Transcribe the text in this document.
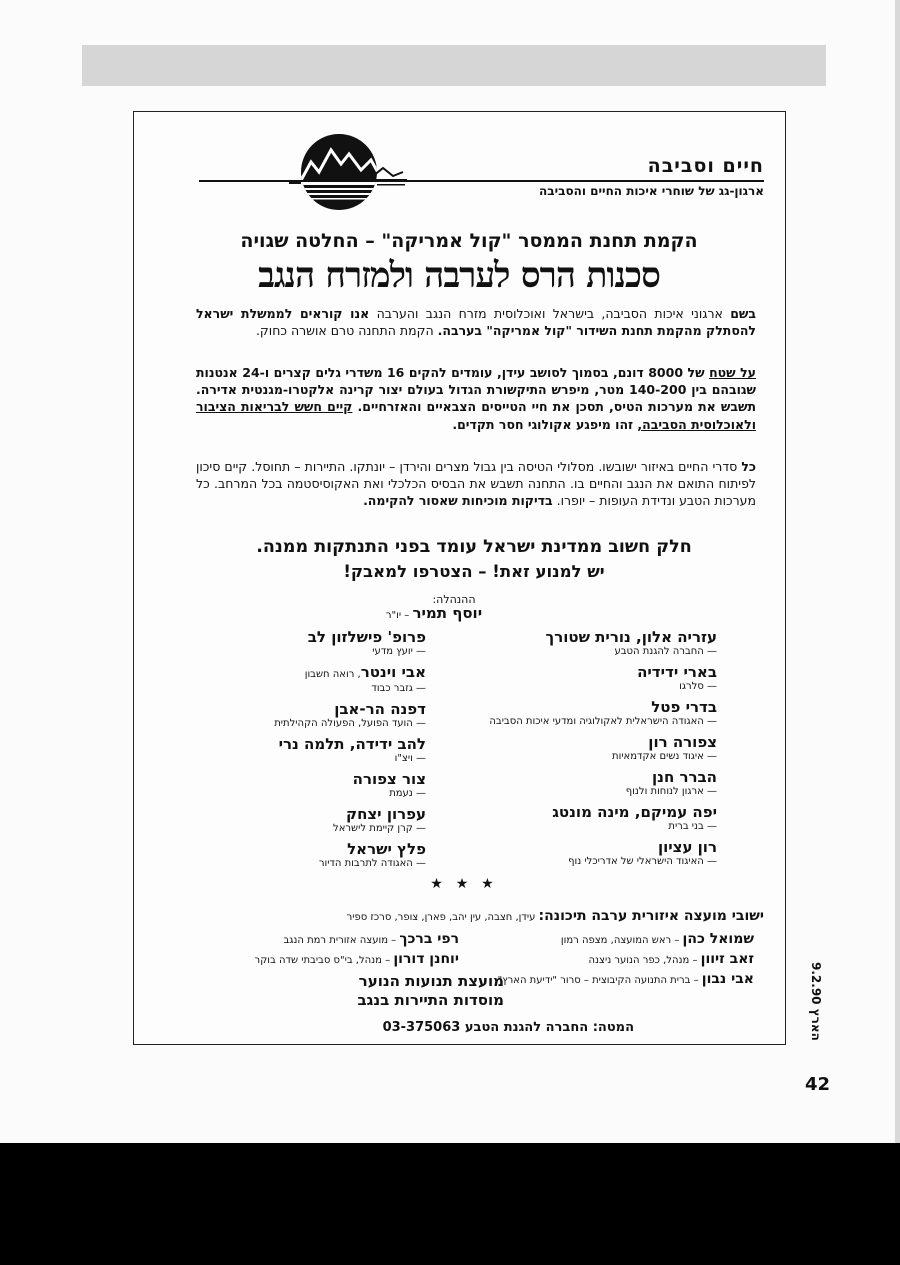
חיים וסביבה
ארגון-גג של שוחרי איכות החיים והסביבה
הקמת תחנת הממסר "קול אמריקה" – החלטה שגויה
סכנות הרס לערבה ולמזרח הנגב
בשם ארגוני איכות הסביבה, בישראל ואוכלוסית מזרח הנגב והערבה אנו קוראים לממשלת ישראל להסתלק מהקמת תחנת השידור "קול אמריקה" בערבה. הקמת התחנה טרם אושרה כחוק.
על שטח של 8000 דונם, בסמוך לסושב עידן, עומדים להקים 16 משדרי גלים קצרים ו-24 אנטנות שגובהם בין 140-200 מטר, מיפרש התיקשורת הגדול בעולם יצור קרינה אלקטרו-מגנטית אדירה. תשבש את מערכות הטיס, תסכן את חיי הטייסים הצבאיים והאזרחיים. קיים חשש לבריאות הציבור ולאוכלוסית הסביבה, זהו מיפגע אקולוגי חסר תקדים.
כל סדרי החיים באיזור ישובשו. מסלולי הטיסה בין גבול מצרים והירדן – יונתקו. התיירות – תחוסל. קיים סיכון לפיתוח התואם את הנגב והחיים בו. התחנה תשבש את הבסיס הכלכלי ואת האקוסיסטמה בכל המרחב. כל מערכות הטבע ונדידת העופות – יופרו. בדיקות מוכיחות שאסור להקימה.
חלק חשוב ממדינת ישראל עומד בפני התנתקות ממנה.
יש למנוע זאת! – הצטרפו למאבק!
ההנהלה:
יוסף תמיר – יו"ר
עזריה אלון, נורית שטורך
— החברה להגנת הטבע
בארי ידידיה
— סלרגו
בדרי פטל
— האגודה הישראלית לאקולוגיה ומדעי איכות הסביבה
צפורה רון
— איגוד נשים אקדמאיות
הברר חנן
— ארגון לנוחות ולנוף
יפה עמיקם, מינה מונטג
— בני ברית
רון עציון
— האיגוד הישראלי של אדריכלי נוף
פרופ' פישלזון לב
— יועץ מדעי
אבי וינטר, רואה חשבון
— גזבר כבוד
דפנה הר-אבן
— הועד הפועל, הפעולה הקהילתית
להב ידידה, תלמה נרי
— ויצ"ו
צור צפורה
— נעמת
עפרון יצחק
— קרן קיימת לישראל
פלץ ישראל
— האגודה לתרבות הדיור
★ ★ ★
ישובי מועצה איזורית ערבה תיכונה: עידן, חצבה, עין יהב, פארן, צופר, סרכז ספיר
שמואל כהן – ראש המועצה, מצפה רמון
זאב זיוון – מנהל, כפר הנוער ניצנה
אבי נבון – ברית התנועה הקיבוצית – סרור "ידיעת הארץ"
רפי ברכך – מועצה אזורית רמת הנגב
יוחנן דורון – מנהל, בי"ס סביבתי שדה בוקר
מועצת תנועות הנוער
מוסדות התיירות בנגב
המטה: החברה להגנת הטבע 03-375063
הארץ 9.2.90
42
